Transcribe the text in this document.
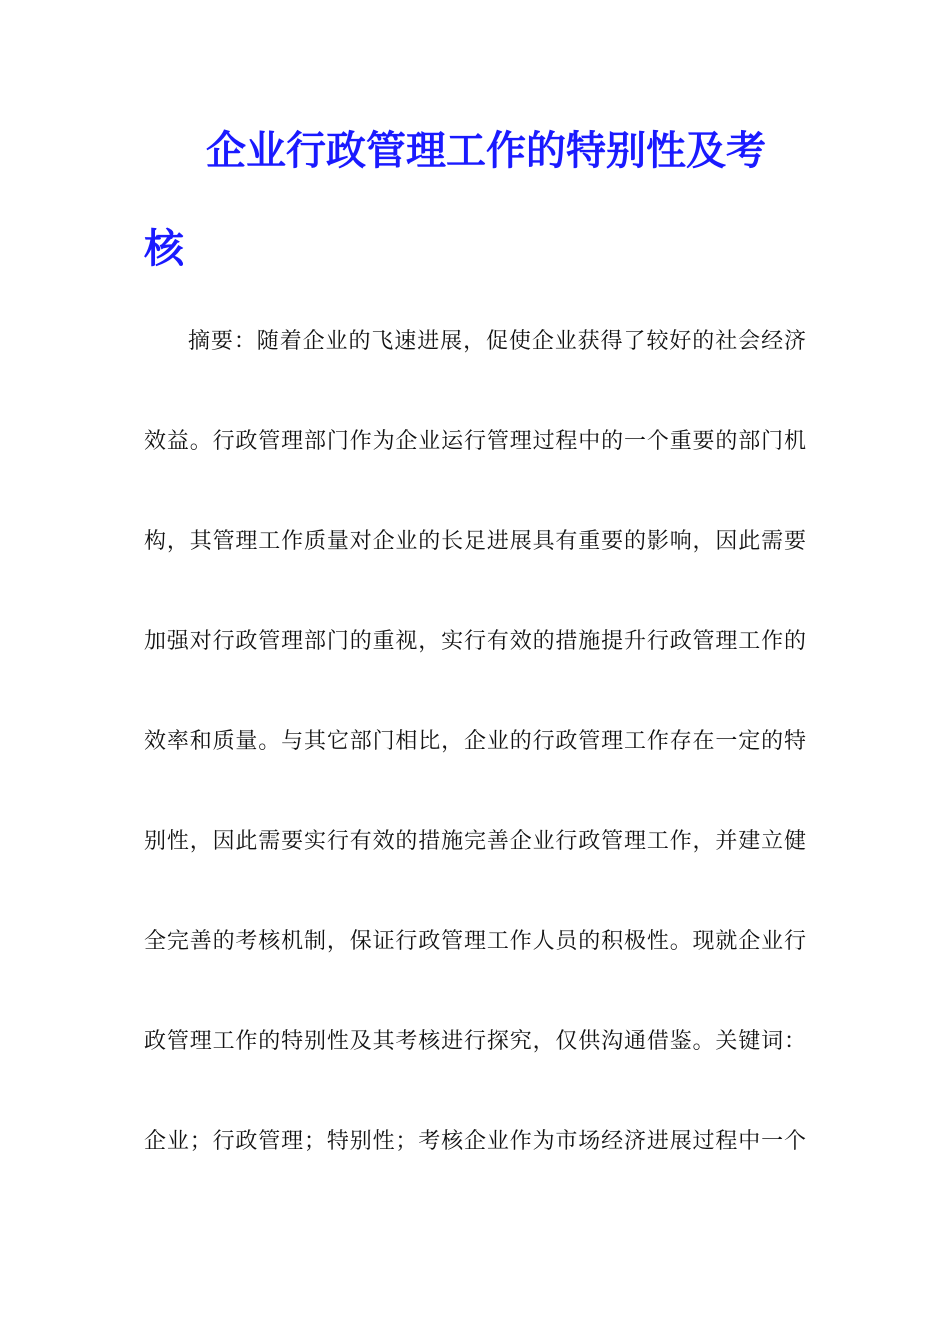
企业行政管理工作的特别性及考
核

摘要：随着企业的飞速进展，促使企业获得了较好的社会经济

效益。行政管理部门作为企业运行管理过程中的一个重要的部门机

构，其管理工作质量对企业的长足进展具有重要的影响，因此需要

加强对行政管理部门的重视，实行有效的措施提升行政管理工作的

效率和质量。与其它部门相比，企业的行政管理工作存在一定的特

别性，因此需要实行有效的措施完善企业行政管理工作，并建立健

全完善的考核机制，保证行政管理工作人员的积极性。现就企业行

政管理工作的特别性及其考核进行探究，仅供沟通借鉴。关键词：

企业；行政管理；特别性；考核企业作为市场经济进展过程中一个
